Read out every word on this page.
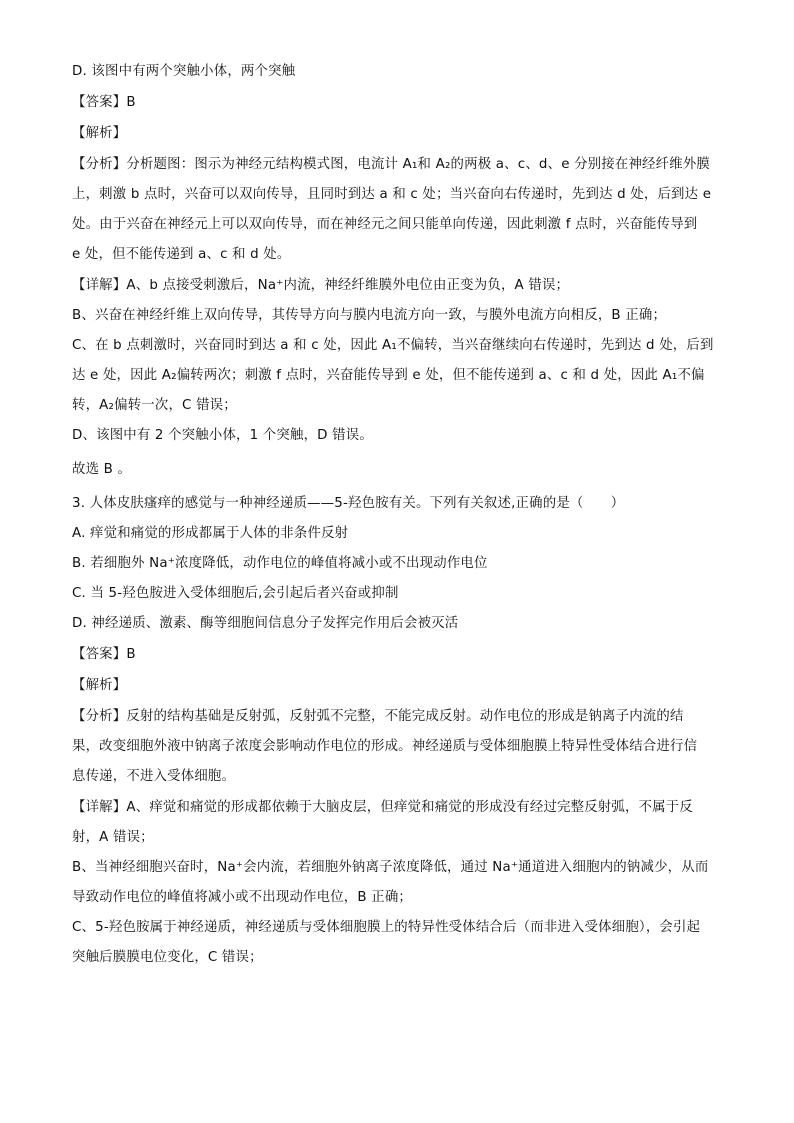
D. 该图中有两个突触小体，两个突触

【答案】B

【解析】

【分析】分析题图：图示为神经元结构模式图，电流计 A₁和 A₂的两极 a、c、d、e 分别接在神经纤维外膜

上，刺激 b 点时，兴奋可以双向传导，且同时到达 a 和 c 处；当兴奋向右传递时，先到达 d 处，后到达 e

处。由于兴奋在神经元上可以双向传导，而在神经元之间只能单向传递，因此刺激 f 点时，兴奋能传导到

e 处，但不能传递到 a、c 和 d 处。

【详解】A、b 点接受刺激后，Na⁺内流，神经纤维膜外电位由正变为负，A 错误；

B、兴奋在神经纤维上双向传导，其传导方向与膜内电流方向一致，与膜外电流方向相反，B 正确；

C、在 b 点刺激时，兴奋同时到达 a 和 c 处，因此 A₁不偏转，当兴奋继续向右传递时，先到达 d 处，后到

达 e 处，因此 A₂偏转两次；刺激 f 点时，兴奋能传导到 e 处，但不能传递到 a、c 和 d 处，因此 A₁不偏

转，A₂偏转一次，C 错误；

D、该图中有 2 个突触小体，1 个突触，D 错误。

故选 B 。

3. 人体皮肤瘙痒的感觉与一种神经递质——5-羟色胺有关。下列有关叙述,正确的是（　　）

A. 痒觉和痛觉的形成都属于人体的非条件反射

B. 若细胞外 Na⁺浓度降低，动作电位的峰值将减小或不出现动作电位

C. 当 5-羟色胺进入受体细胞后,会引起后者兴奋或抑制

D. 神经递质、激素、酶等细胞间信息分子发挥完作用后会被灭活

【答案】B

【解析】

【分析】反射的结构基础是反射弧，反射弧不完整，不能完成反射。动作电位的形成是钠离子内流的结

果，改变细胞外液中钠离子浓度会影响动作电位的形成。神经递质与受体细胞膜上特异性受体结合进行信

息传递，不进入受体细胞。

【详解】A、痒觉和痛觉的形成都依赖于大脑皮层，但痒觉和痛觉的形成没有经过完整反射弧，不属于反

射，A 错误；

B、当神经细胞兴奋时，Na⁺会内流，若细胞外钠离子浓度降低，通过 Na⁺通道进入细胞内的钠减少，从而

导致动作电位的峰值将减小或不出现动作电位，B 正确；

C、5-羟色胺属于神经递质，神经递质与受体细胞膜上的特异性受体结合后（而非进入受体细胞），会引起

突触后膜膜电位变化，C 错误；
